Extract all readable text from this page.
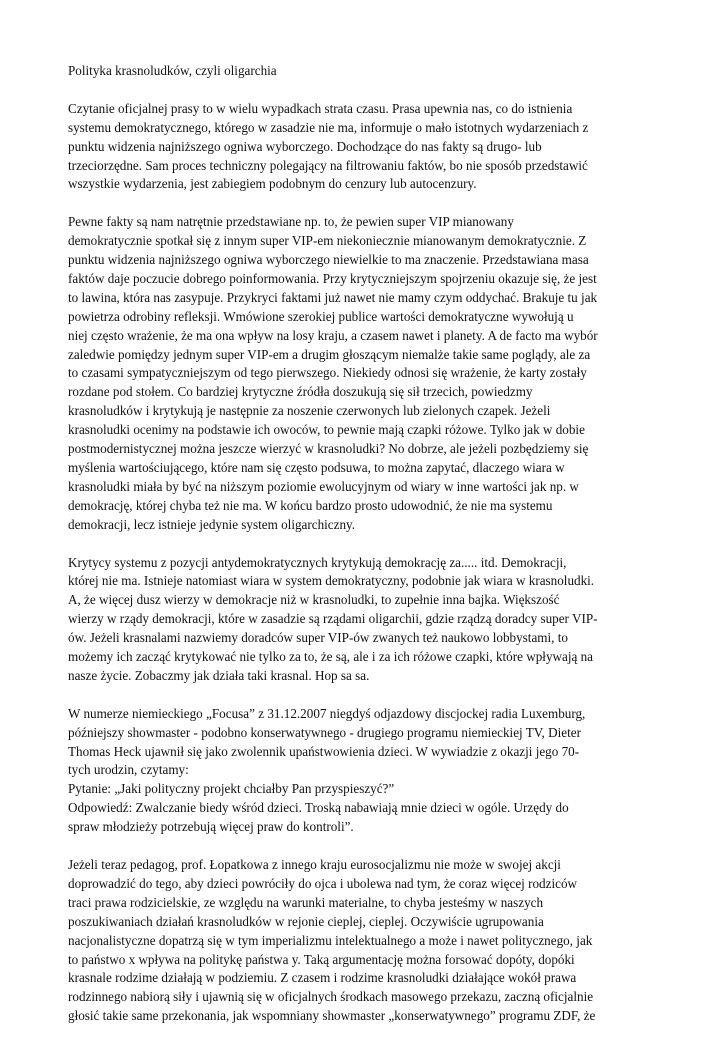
Polityka krasnoludków, czyli oligarchia
Czytanie oficjalnej prasy to w wielu wypadkach strata czasu. Prasa upewnia nas, co do istnienia
systemu demokratycznego, którego w zasadzie nie ma, informuje o mało istotnych wydarzeniach z
punktu widzenia najniższego ogniwa wyborczego. Dochodzące do nas fakty są drugo- lub
trzeciorzędne. Sam proces techniczny polegający na filtrowaniu faktów, bo nie sposób przedstawić
wszystkie wydarzenia, jest zabiegiem podobnym do cenzury lub autocenzury.
Pewne fakty są nam natrętnie przedstawiane np. to, że pewien super VIP mianowany
demokratycznie spotkał się z innym super VIP-em niekoniecznie mianowanym demokratycznie. Z
punktu widzenia najniższego ogniwa wyborczego niewielkie to ma znaczenie. Przedstawiana masa
faktów daje poczucie dobrego poinformowania. Przy krytyczniejszym spojrzeniu okazuje się, że jest
to lawina, która nas zasypuje. Przykryci faktami już nawet nie mamy czym oddychać. Brakuje tu jak
powietrza odrobiny refleksji. Wmówione szerokiej publice wartości demokratyczne wywołują u
niej często wrażenie, że ma ona wpływ na losy kraju, a czasem nawet i planety. A de facto ma wybór
zaledwie pomiędzy jednym super VIP-em a drugim głoszącym niemalże takie same poglądy, ale za
to czasami sympatyczniejszym od tego pierwszego. Niekiedy odnosi się wrażenie, że karty zostały
rozdane pod stołem. Co bardziej krytyczne źródła doszukują się sił trzecich, powiedzmy
krasnoludków i krytykują je następnie za noszenie czerwonych lub zielonych czapek. Jeżeli
krasnoludki ocenimy na podstawie ich owoców, to pewnie mają czapki różowe. Tylko jak w dobie
postmodernistycznej można jeszcze wierzyć w krasnoludki? No dobrze, ale jeżeli pozbędziemy się
myślenia wartościującego, które nam się często podsuwa, to można zapytać, dlaczego wiara w
krasnoludki miała by być na niższym poziomie ewolucyjnym od wiary w inne wartości jak np. w
demokrację, której chyba też nie ma. W końcu bardzo prosto udowodnić, że nie ma systemu
demokracji, lecz istnieje jedynie system oligarchiczny.
Krytycy systemu z pozycji antydemokratycznych krytykują demokrację za..... itd. Demokracji,
której nie ma. Istnieje natomiast wiara w system demokratyczny, podobnie jak wiara w krasnoludki.
A, że więcej dusz wierzy w demokracje niż w krasnoludki, to zupełnie inna bajka. Większość
wierzy w rządy demokracji, które w zasadzie są rządami oligarchii, gdzie rządzą doradcy super VIP-
ów. Jeżeli krasnalami nazwiemy doradców super VIP-ów zwanych też naukowo lobbystami, to
możemy ich zacząć krytykować nie tylko za to, że są, ale i za ich różowe czapki, które wpływają na
nasze życie. Zobaczmy jak działa taki krasnal. Hop sa sa.
W numerze niemieckiego „Focusa” z 31.12.2007 niegdyś odjazdowy discjockej radia Luxemburg,
późniejszy showmaster - podobno konserwatywnego - drugiego programu niemieckiej TV, Dieter
Thomas Heck ujawnił się jako zwolennik upaństwowienia dzieci. W wywiadzie z okazji jego 70-
tych urodzin, czytamy:
Pytanie: „Jaki polityczny projekt chciałby Pan przyspieszyć?”
Odpowiedź: Zwalczanie biedy wśród dzieci. Troską nabawiają mnie dzieci w ogóle. Urzędy do
spraw młodzieży potrzebują więcej praw do kontroli”.
Jeżeli teraz pedagog, prof. Łopatkowa z innego kraju eurosocjalizmu nie może w swojej akcji
doprowadzić do tego, aby dzieci powróciły do ojca i ubolewa nad tym, że coraz więcej rodziców
traci prawa rodzicielskie, ze względu na warunki materialne, to chyba jesteśmy w naszych
poszukiwaniach działań krasnoludków w rejonie cieplej, cieplej. Oczywiście ugrupowania
nacjonalistyczne dopatrzą się w tym imperializmu intelektualnego a może i nawet politycznego, jak
to państwo x wpływa na politykę państwa y. Taką argumentację można forsować dopóty, dopóki
krasnale rodzime działają w podziemiu. Z czasem i rodzime krasnoludki działające wokół prawa
rodzinnego nabiorą siły i ujawnią się w oficjalnych środkach masowego przekazu, zaczną oficjalnie
głosić takie same przekonania, jak wspomniany showmaster „konserwatywnego” programu ZDF, że
